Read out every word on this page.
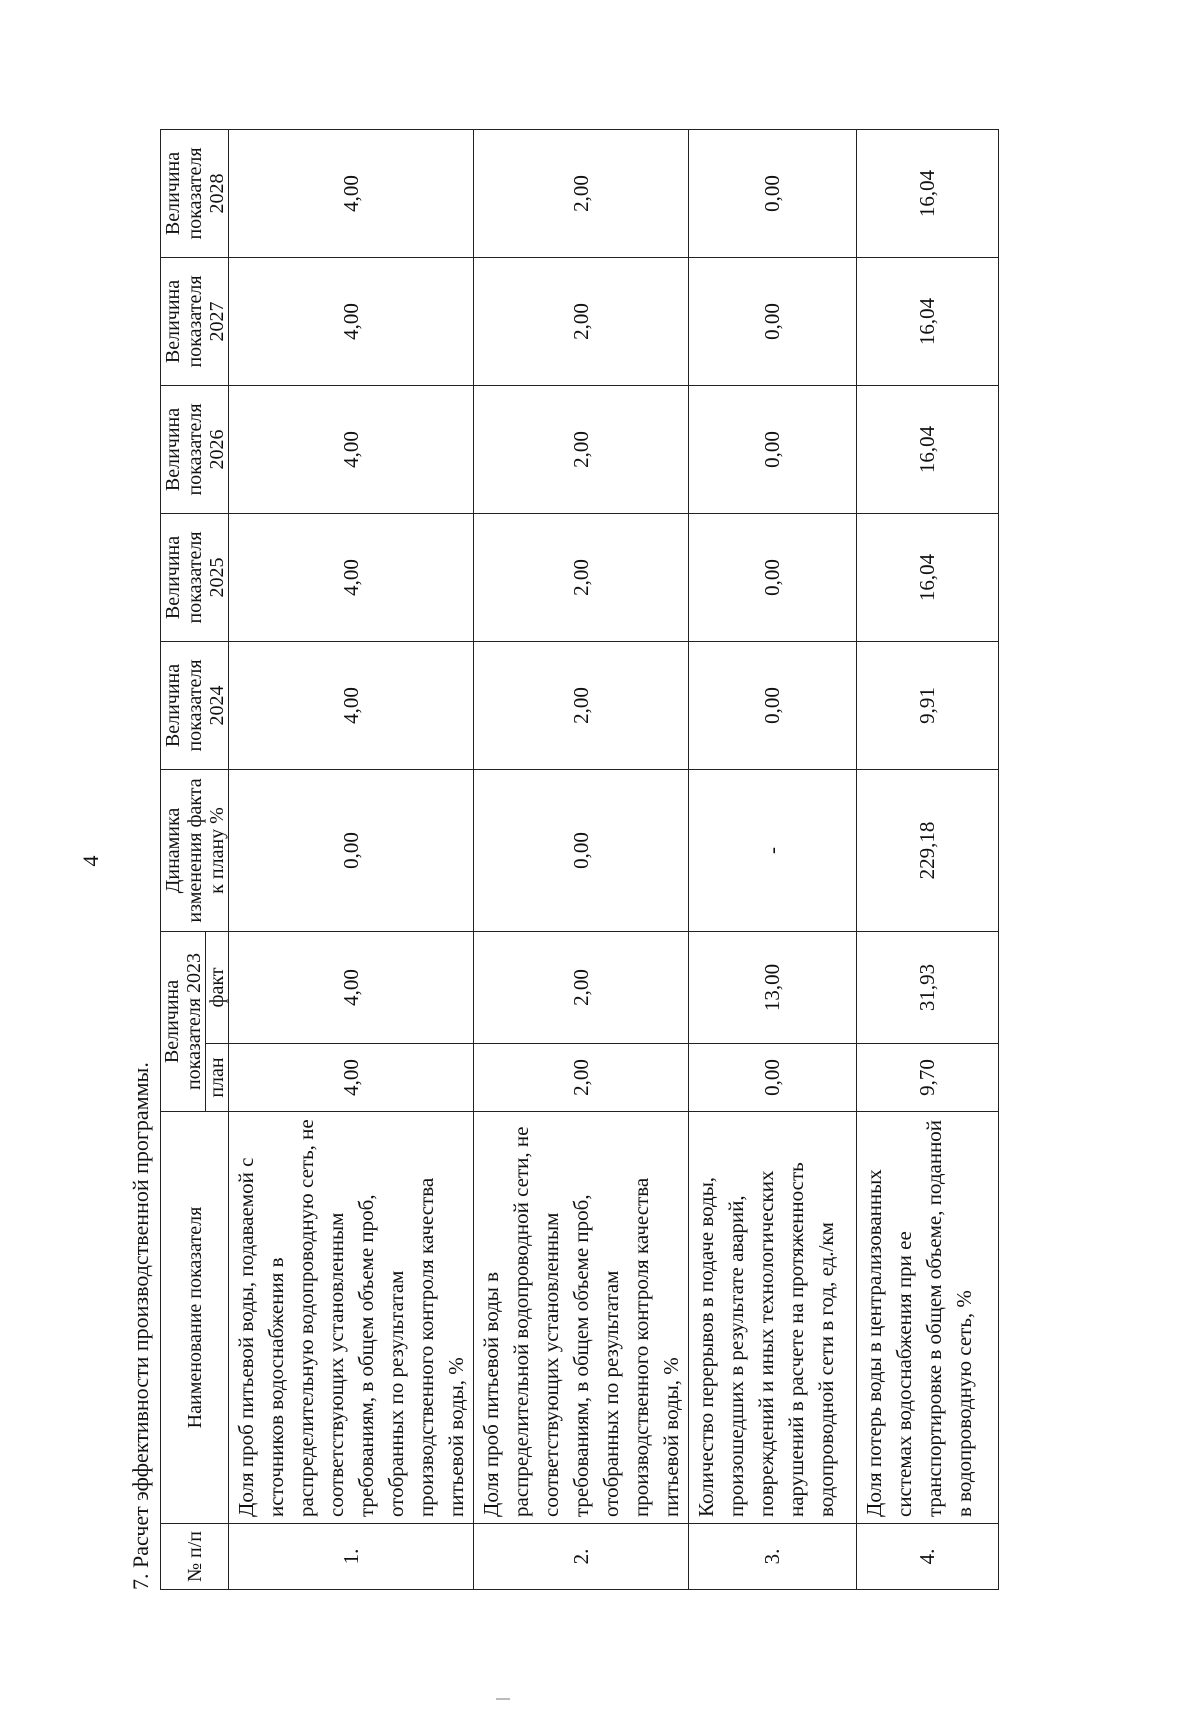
4

7. Расчет эффективности производственной программы.	№ п/п	Наименование показателя	Величина показателя 2023		Динамика изменения факта к плану %	Величина показателя 2024	Величина показателя 2025	Величина показателя 2026	Величина показателя 2027	Величина показателя 2028
		план	факт						
1.	Доля проб питьевой воды, подаваемой с источников водоснабжения в распределительную водопроводную сеть, не соответствующих установленным требованиям, в общем объеме проб, отобранных по результатам производственного контроля качества питьевой воды, %	4,00	4,00	0,00	4,00	4,00	4,00	4,00	4,00
2.	Доля проб питьевой воды в распределительной водопроводной сети, не соответствующих установленным требованиям, в общем объеме проб, отобранных по результатам производственного контроля качества питьевой воды, %	2,00	2,00	0,00	2,00	2,00	2,00	2,00	2,00
3.	Количество перерывов в подаче воды, произошедших в результате аварий, повреждений и иных технологических нарушений в расчете на протяженность водопроводной сети в год, ед./км	0,00	13,00	-	0,00	0,00	0,00	0,00	0,00
4.	Доля потерь воды в централизованных системах водоснабжения при ее транспортировке в общем объеме, поданной в водопроводную сеть, %	9,70	31,93	229,18	9,91	16,04	16,04	16,04	16,04
